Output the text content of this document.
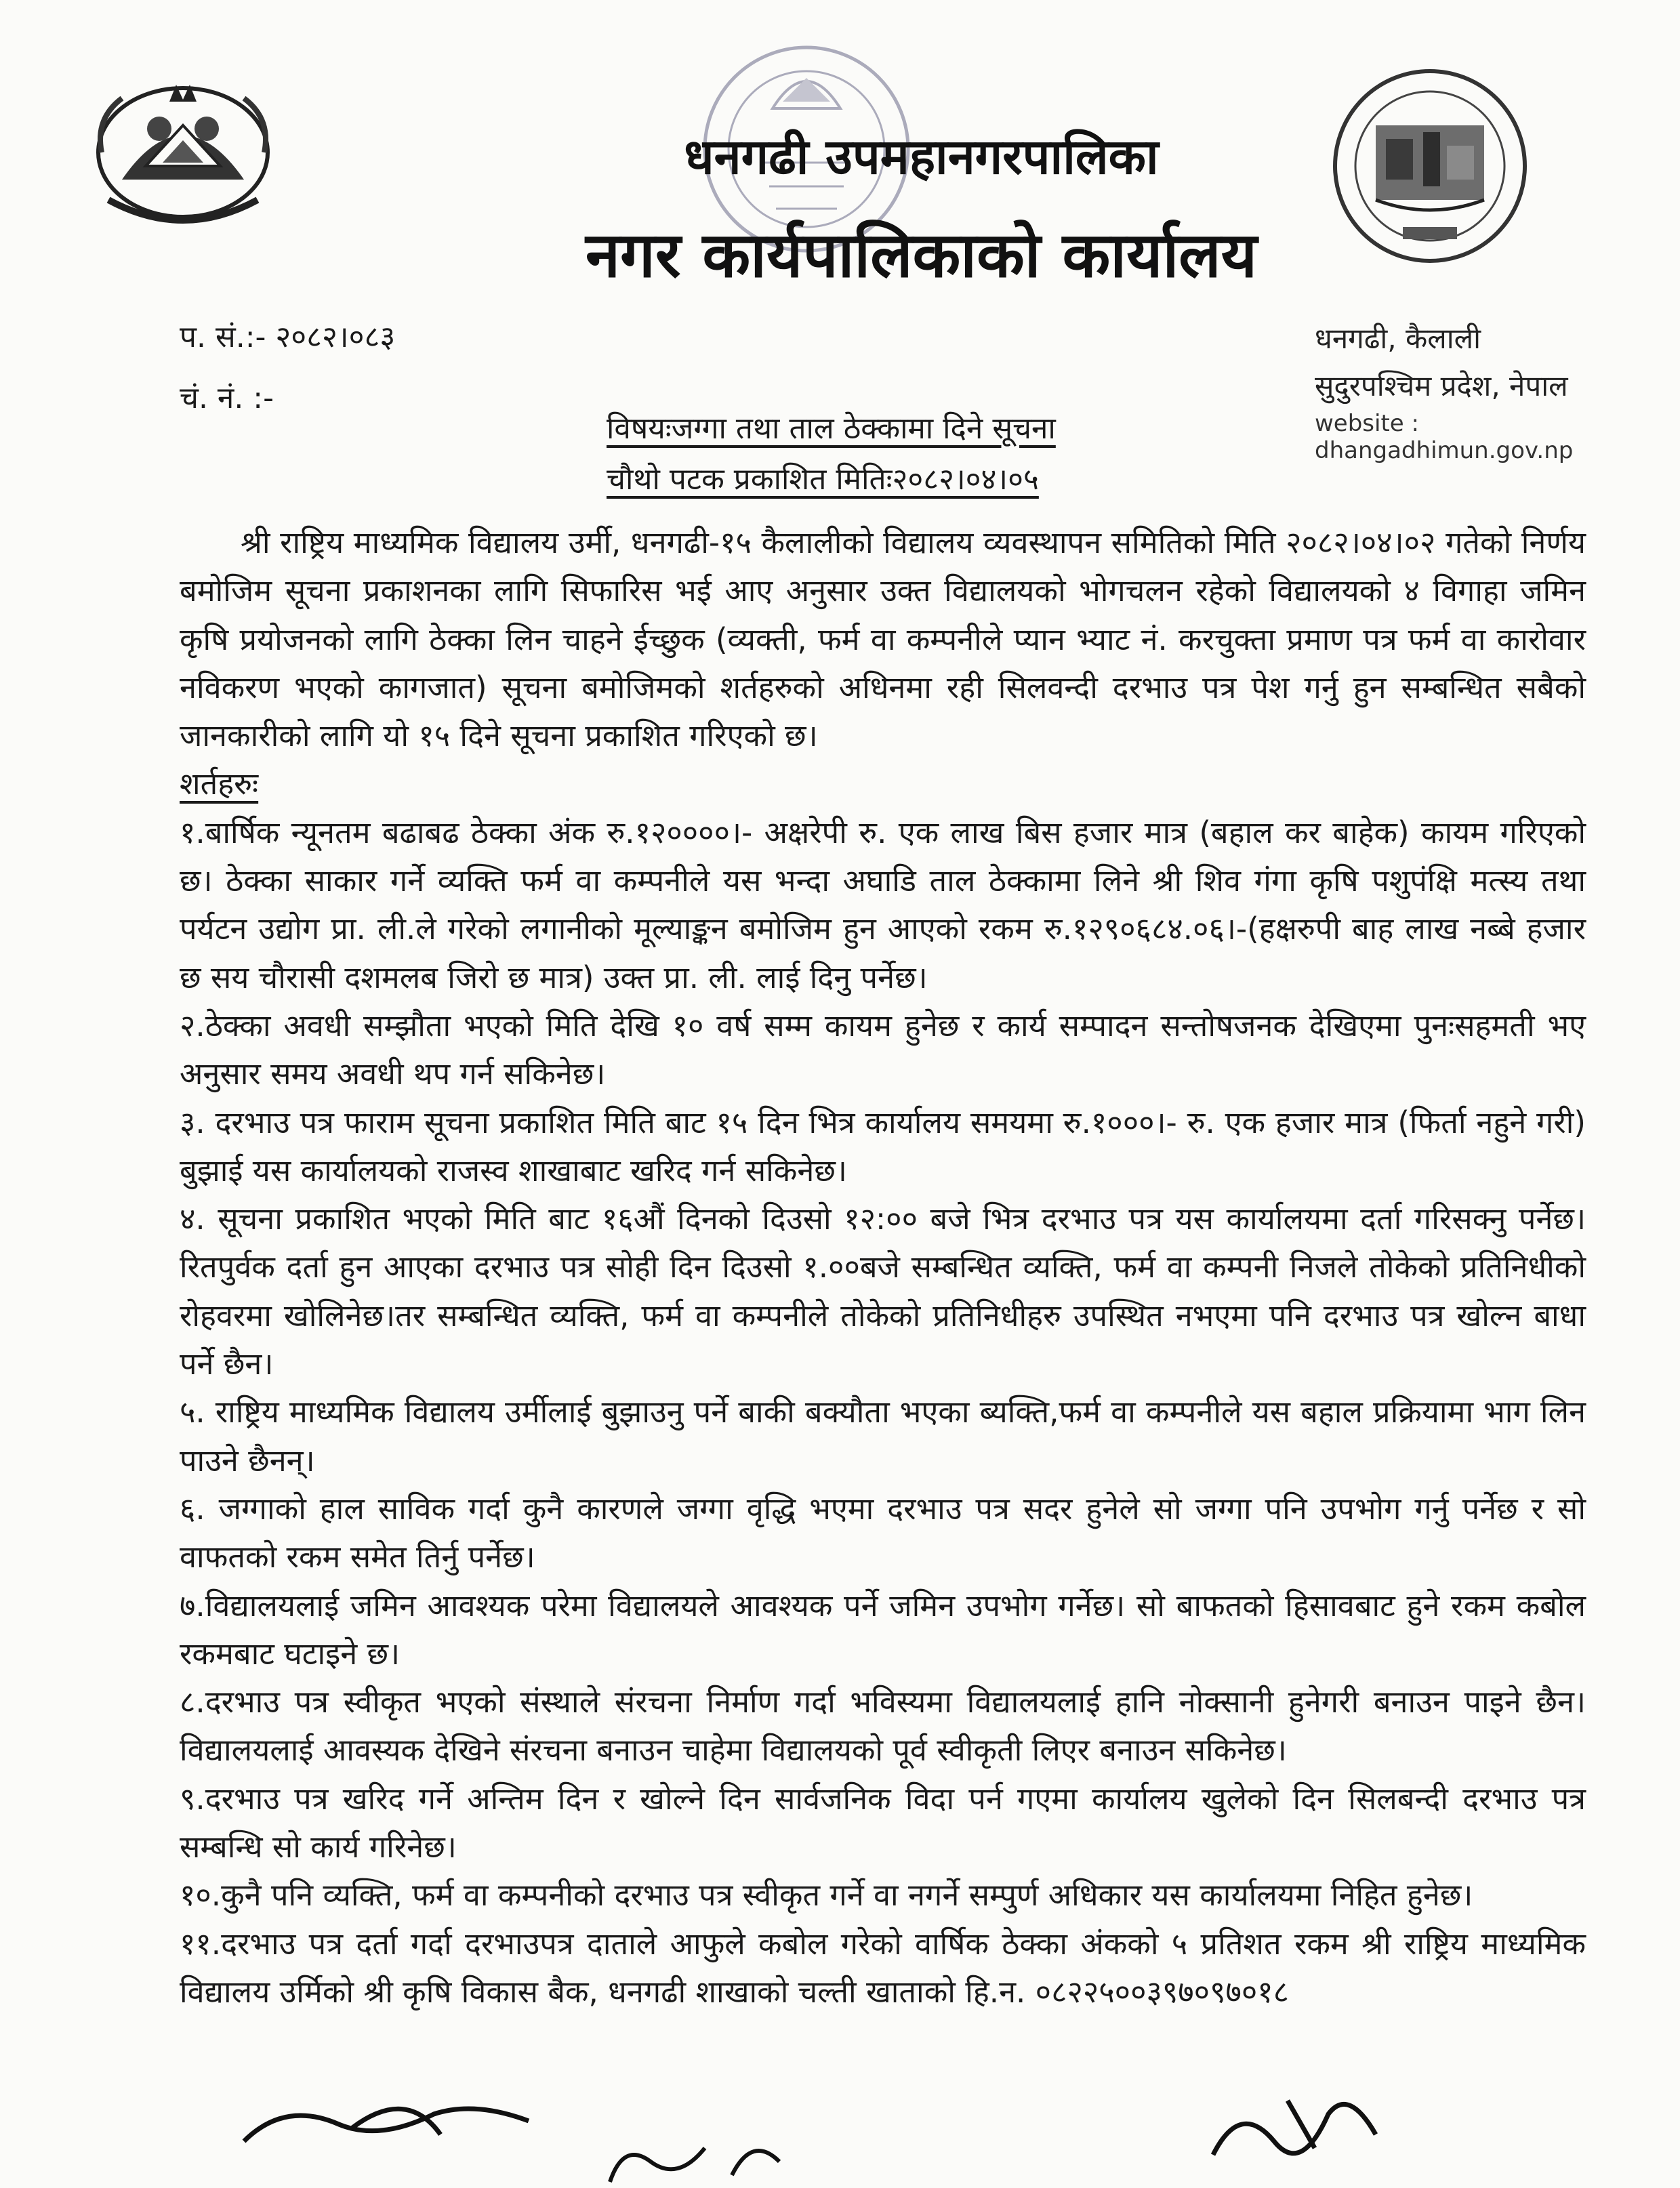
धनगढी उपमहानगरपालिका
नगर कार्यपालिकाको कार्यालय
प. सं.:- २०८२।०८३
चं. नं. :-
धनगढी, कैलाली
सुदुरपश्चिम प्रदेश, नेपाल
website : dhangadhimun.gov.np
विषयःजग्गा तथा ताल ठेक्कामा दिने सूचना
चौथो पटक प्रकाशित मितिः२०८२।०४।०५

श्री राष्ट्रिय माध्यमिक विद्यालय उर्मी, धनगढी-१५ कैलालीको विद्यालय व्यवस्थापन समितिको मिति २०८२।०४।०२ गतेको निर्णय बमोजिम सूचना प्रकाशनका लागि सिफारिस भई आए अनुसार उक्त विद्यालयको भोगचलन रहेको विद्यालयको ४ विगाहा जमिन कृषि प्रयोजनको लागि ठेक्का लिन चाहने ईच्छुक (व्यक्ती, फर्म वा कम्पनीले प्यान भ्याट नं. करचुक्ता प्रमाण पत्र फर्म वा कारोवार नविकरण भएको कागजात) सूचना बमोजिमको शर्तहरुको अधिनमा रही सिलवन्दी दरभाउ पत्र पेश गर्नु हुन सम्बन्धित सबैको जानकारीको लागि यो १५ दिने सूचना प्रकाशित गरिएको छ।

शर्तहरुः

१.बार्षिक न्यूनतम बढाबढ ठेक्का अंक रु.१२००००।- अक्षरेपी रु. एक लाख बिस हजार मात्र (बहाल कर बाहेक) कायम गरिएको छ। ठेक्का साकार गर्ने व्यक्ति फर्म वा कम्पनीले यस भन्दा अघाडि ताल ठेक्कामा लिने श्री शिव गंगा कृषि पशुपंक्षि मत्स्य तथा पर्यटन उद्योग प्रा. ली.ले गरेको लगानीको मूल्याङ्कन बमोजिम हुन आएको रकम रु.१२९०६८४.०६।-(हक्षरुपी बाह लाख नब्बे हजार छ सय चौरासी दशमलब जिरो छ मात्र) उक्त प्रा. ली. लाई दिनु पर्नेछ।

२.ठेक्का अवधी सम्झौता भएको मिति देखि १० वर्ष सम्म कायम हुनेछ र कार्य सम्पादन सन्तोषजनक देखिएमा पुनःसहमती भए अनुसार समय अवधी थप गर्न सकिनेछ।

३. दरभाउ पत्र फाराम सूचना प्रकाशित मिति बाट १५ दिन भित्र कार्यालय समयमा रु.१०००।- रु. एक हजार मात्र (फिर्ता नहुने गरी) बुझाई यस कार्यालयको राजस्व शाखाबाट खरिद गर्न सकिनेछ।

४. सूचना प्रकाशित भएको मिति बाट १६औं दिनको दिउसो १२:०० बजे भित्र दरभाउ पत्र यस कार्यालयमा दर्ता गरिसक्नु पर्नेछ।रितपुर्वक दर्ता हुन आएका दरभाउ पत्र सोही दिन दिउसो १.००बजे सम्बन्धित व्यक्ति, फर्म वा कम्पनी निजले तोकेको प्रतिनिधीको रोहवरमा खोलिनेछ।तर सम्बन्धित व्यक्ति, फर्म वा कम्पनीले तोकेको प्रतिनिधीहरु उपस्थित नभएमा पनि दरभाउ पत्र खोल्न बाधा पर्ने छैन।

५. राष्ट्रिय माध्यमिक विद्यालय उर्मीलाई बुझाउनु पर्ने बाकी बक्यौता भएका ब्यक्ति,फर्म वा कम्पनीले यस बहाल प्रक्रियामा भाग लिन पाउने छैनन्।

६. जग्गाको हाल साविक गर्दा कुनै कारणले जग्गा वृद्धि भएमा दरभाउ पत्र सदर हुनेले सो जग्गा पनि उपभोग गर्नु पर्नेछ र सो वाफतको रकम समेत तिर्नु पर्नेछ।

७.विद्यालयलाई जमिन आवश्यक परेमा विद्यालयले आवश्यक पर्ने जमिन उपभोग गर्नेछ। सो बाफतको हिसावबाट हुने रकम कबोल रकमबाट घटाइने छ।

८.दरभाउ पत्र स्वीकृत भएको संस्थाले संरचना निर्माण गर्दा भविस्यमा विद्यालयलाई हानि नोक्सानी हुनेगरी बनाउन पाइने छैन। विद्यालयलाई आवस्यक देखिने संरचना बनाउन चाहेमा विद्यालयको पूर्व स्वीकृती लिएर बनाउन सकिनेछ।

९.दरभाउ पत्र खरिद गर्ने अन्तिम दिन र खोल्ने दिन सार्वजनिक विदा पर्न गएमा कार्यालय खुलेको दिन सिलबन्दी दरभाउ पत्र सम्बन्धि सो कार्य गरिनेछ।

१०.कुनै पनि व्यक्ति, फर्म वा कम्पनीको दरभाउ पत्र स्वीकृत गर्ने वा नगर्ने सम्पुर्ण अधिकार यस कार्यालयमा निहित हुनेछ।

११.दरभाउ पत्र दर्ता गर्दा दरभाउपत्र दाताले आफुले कबोल गरेको वार्षिक ठेक्का अंकको ५ प्रतिशत रकम श्री राष्ट्रिय माध्यमिक विद्यालय उर्मिको श्री कृषि विकास बैक, धनगढी शाखाको चल्ती खाताको हि.न. ०८२२५००३९७०९७०१८
